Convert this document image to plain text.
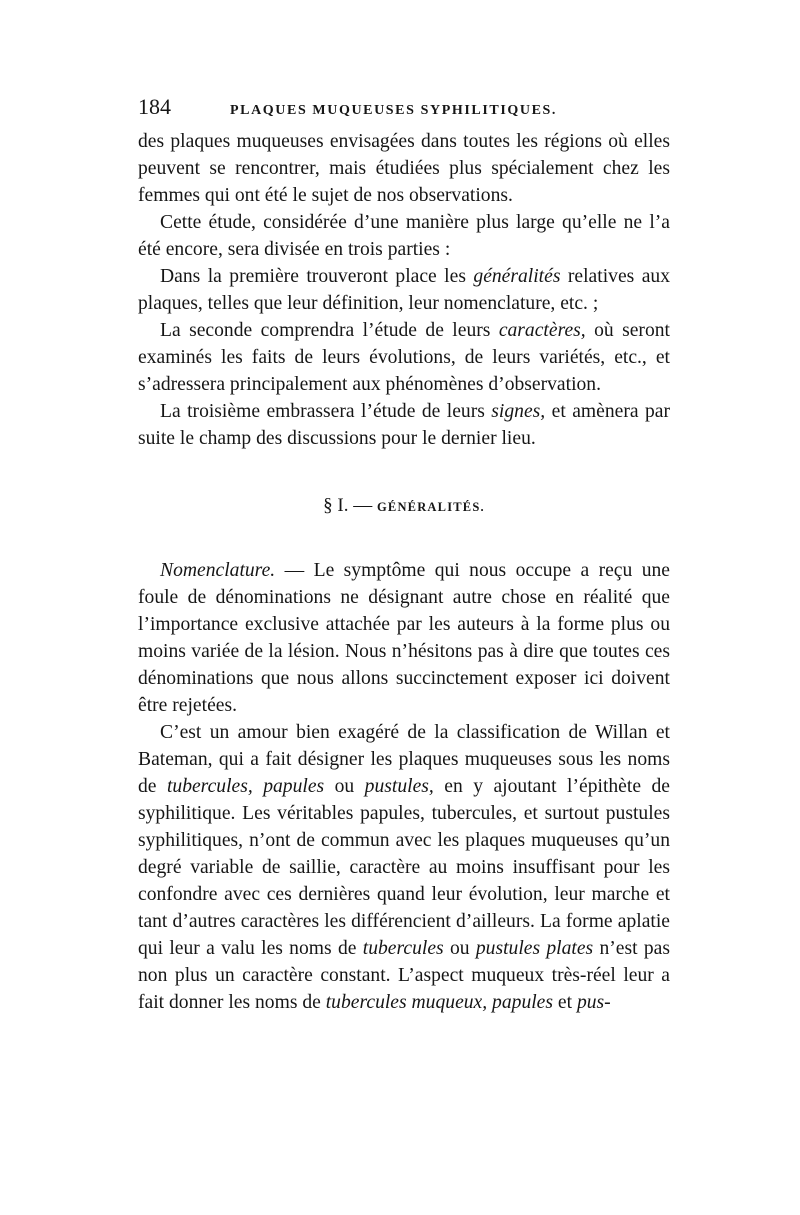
184	PLAQUES MUQUEUSES SYPHILITIQUES.

des plaques muqueuses envisagées dans toutes les régions où elles peuvent se rencontrer, mais étudiées plus spécialement chez les femmes qui ont été le sujet de nos observations.

Cette étude, considérée d’une manière plus large qu’elle ne l’a été encore, sera divisée en trois parties :

Dans la première trouveront place les généralités relatives aux plaques, telles que leur définition, leur nomenclature, etc. ;

La seconde comprendra l’étude de leurs caractères, où seront examinés les faits de leurs évolutions, de leurs variétés, etc., et s’adressera principalement aux phénomènes d’observation.

La troisième embrassera l’étude de leurs signes, et amènera par suite le champ des discussions pour le dernier lieu.

§ I. — GÉNÉRALITÉS.

Nomenclature. — Le symptôme qui nous occupe a reçu une foule de dénominations ne désignant autre chose en réalité que l’importance exclusive attachée par les auteurs à la forme plus ou moins variée de la lésion. Nous n’hésitons pas à dire que toutes ces dénominations que nous allons succinctement exposer ici doivent être rejetées.

C’est un amour bien exagéré de la classification de Willan et Bateman, qui a fait désigner les plaques muqueuses sous les noms de tubercules, papules ou pustules, en y ajoutant l’épithète de syphilitique. Les véritables papules, tubercules, et surtout pustules syphilitiques, n’ont de commun avec les plaques muqueuses qu’un degré variable de saillie, caractère au moins insuffisant pour les confondre avec ces dernières quand leur évolution, leur marche et tant d’autres caractères les différencient d’ailleurs. La forme aplatie qui leur a valu les noms de tubercules ou pustules plates n’est pas non plus un caractère constant. L’aspect muqueux très-réel leur a fait donner les noms de tubercules muqueux, papules et pus-
